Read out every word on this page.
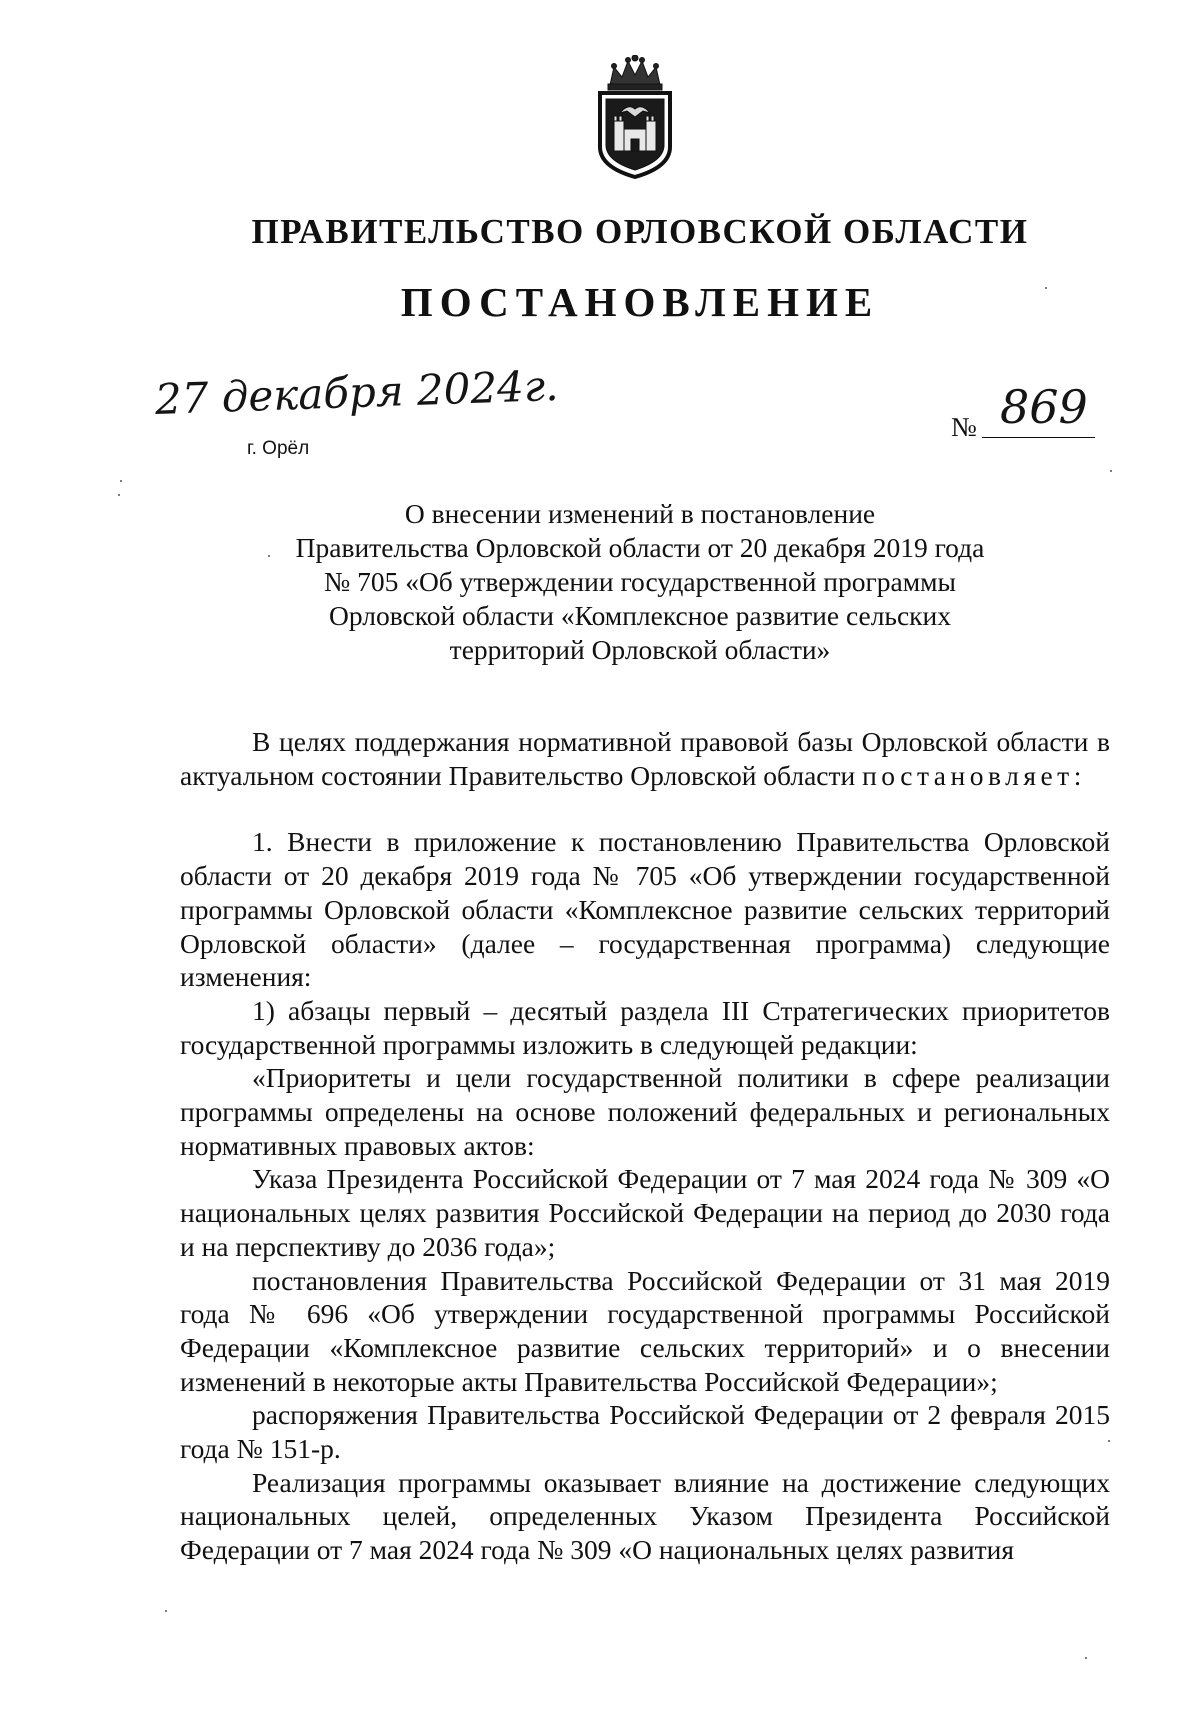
ПРАВИТЕЛЬСТВО ОРЛОВСКОЙ ОБЛАСТИ
ПОСТАНОВЛЕНИЕ
27 декабря 2024г.
г. Орёл
№ 869
О внесении изменений в постановление
Правительства Орловской области от 20 декабря 2019 года
№ 705 «Об утверждении государственной программы
Орловской области «Комплексное развитие сельских
территорий Орловской области»

В целях поддержания нормативной правовой базы Орловской области в актуальном состоянии Правительство Орловской области постановляет:

1. Внести в приложение к постановлению Правительства Орловской области от 20 декабря 2019 года № 705 «Об утверждении государственной программы Орловской области «Комплексное развитие сельских территорий Орловской области» (далее – государственная программа) следующие изменения:

1) абзацы первый – десятый раздела III Стратегических приоритетов государственной программы изложить в следующей редакции:

«Приоритеты и цели государственной политики в сфере реализации программы определены на основе положений федеральных и региональных нормативных правовых актов:

Указа Президента Российской Федерации от 7 мая 2024 года № 309 «О национальных целях развития Российской Федерации на период до 2030 года и на перспективу до 2036 года»;

постановления Правительства Российской Федерации от 31 мая 2019 года № 696 «Об утверждении государственной программы Российской Федерации «Комплексное развитие сельских территорий» и о внесении изменений в некоторые акты Правительства Российской Федерации»;

распоряжения Правительства Российской Федерации от 2 февраля 2015 года № 151-р.

Реализация программы оказывает влияние на достижение следующих национальных целей, определенных Указом Президента Российской Федерации от 7 мая 2024 года № 309 «О национальных целях развития
